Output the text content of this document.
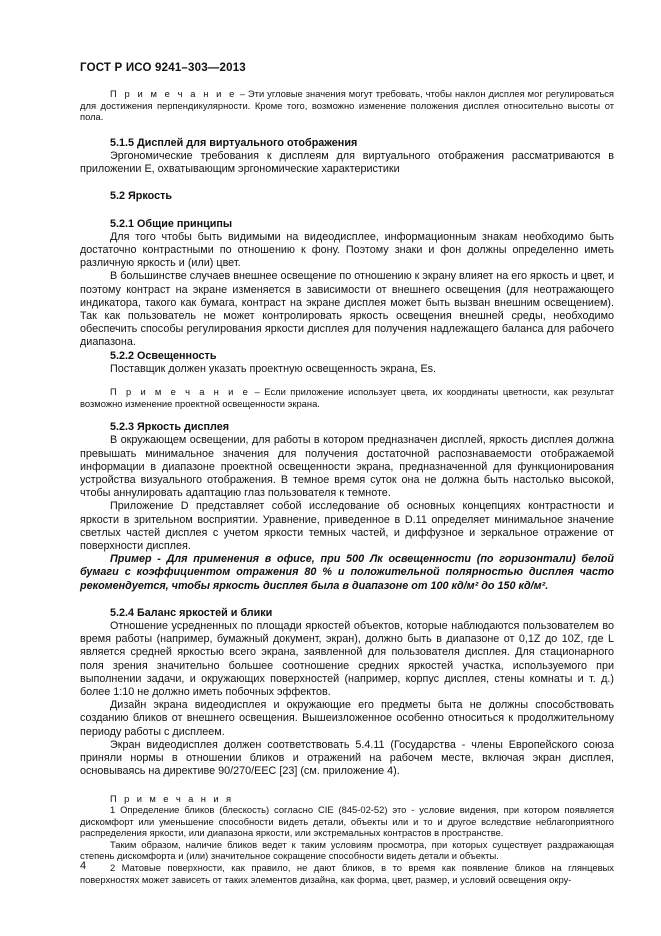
ГОСТ Р ИСО 9241–303—2013

П р и м е ч а н и е – Эти угловые значения могут требовать, чтобы наклон дисплея мог регулироваться для достижения перпендикулярности. Кроме того, возможно изменение положения дисплея относительно высоты от пола.

5.1.5 Дисплей для виртуального отображения

Эргономические требования к дисплеям для виртуального отображения рассматриваются в приложении Е, охватывающим эргономические характеристики

5.2 Яркость
5.2.1 Общие принципы

Для того чтобы быть видимыми на видеодисплее, информационным знакам необходимо быть достаточно контрастными по отношению к фону. Поэтому знаки и фон должны определенно иметь различную яркость и (или) цвет.

В большинстве случаев внешнее освещение по отношению к экрану влияет на его яркость и цвет, и поэтому контраст на экране изменяется в зависимости от внешнего освещения (для неотражающего индикатора, такого как бумага, контраст на экране дисплея может быть вызван внешним освещением). Так как пользователь не может контролировать яркость освещения внешней среды, необходимо обеспечить способы регулирования яркости дисплея для получения надлежащего баланса для рабочего диапазона.

5.2.2 Освещенность

Поставщик должен указать проектную освещенность экрана, Es.

П р и м е ч а н и е – Если приложение использует цвета, их координаты цветности, как результат возможно изменение проектной освещенности экрана.

5.2.3 Яркость дисплея

В окружающем освещении, для работы в котором предназначен дисплей, яркость дисплея должна превышать минимальное значения для получения достаточной распознаваемости отображаемой информации в диапазоне проектной освещенности экрана, предназначенной для функционирования устройства визуального отображения. В темное время суток она не должна быть настолько высокой, чтобы аннулировать адаптацию глаз пользователя к темноте.

Приложение D представляет собой исследование об основных концепциях контрастности и яркости в зрительном восприятии. Уравнение, приведенное в D.11 определяет минимальное значение светлых частей дисплея с учетом яркости темных частей, и диффузное и зеркальное отражение от поверхности дисплея.

Пример - Для применения в офисе, при 500 Лк освещенности (по горизонтали) белой бумаги с коэффициентом отражения 80 % и положительной полярностью дисплея часто рекомендуется, чтобы яркость дисплея была в диапазоне от 100 кд/м² до 150 кд/м².

5.2.4 Баланс яркостей и блики

Отношение усредненных по площади яркостей объектов, которые наблюдаются пользователем во время работы (например, бумажный документ, экран), должно быть в диапазоне от 0,1Z до 10Z, где L является средней яркостью всего экрана, заявленной для пользователя дисплея. Для стационарного поля зрения значительно большее соотношение средних яркостей участка, используемого при выполнении задачи, и окружающих поверхностей (например, корпус дисплея, стены комнаты и т. д.) более 1:10 не должно иметь побочных эффектов.

Дизайн экрана видеодисплея и окружающие его предметы быта не должны способствовать созданию бликов от внешнего освещения. Вышеизложенное особенно относиться к продолжительному периоду работы с дисплеем.

Экран видеодисплея должен соответствовать 5.4.11 (Государства - члены Европейского союза приняли нормы в отношении бликов и отражений на рабочем месте, включая экран дисплея, основываясь на директиве 90/270/EEC [23] (см. приложение 4).

П р и м е ч а н и я

1 Определение бликов (блескость) согласно CIE (845-02-52) это - условие видения, при котором появляется дискомфорт или уменьшение способности видеть детали, объекты или и то и другое вследствие неблагоприятного распределения яркости, или диапазона яркости, или экстремальных контрастов в пространстве.

Таким образом, наличие бликов ведет к таким условиям просмотра, при которых существует раздражающая степень дискомфорта и (или) значительное сокращение способности видеть детали и объекты.

2 Матовые поверхности, как правило, не дают бликов, в то время как появление бликов на глянцевых поверхностях может зависеть от таких элементов дизайна, как форма, цвет, размер, и условий освещения окру-

4
